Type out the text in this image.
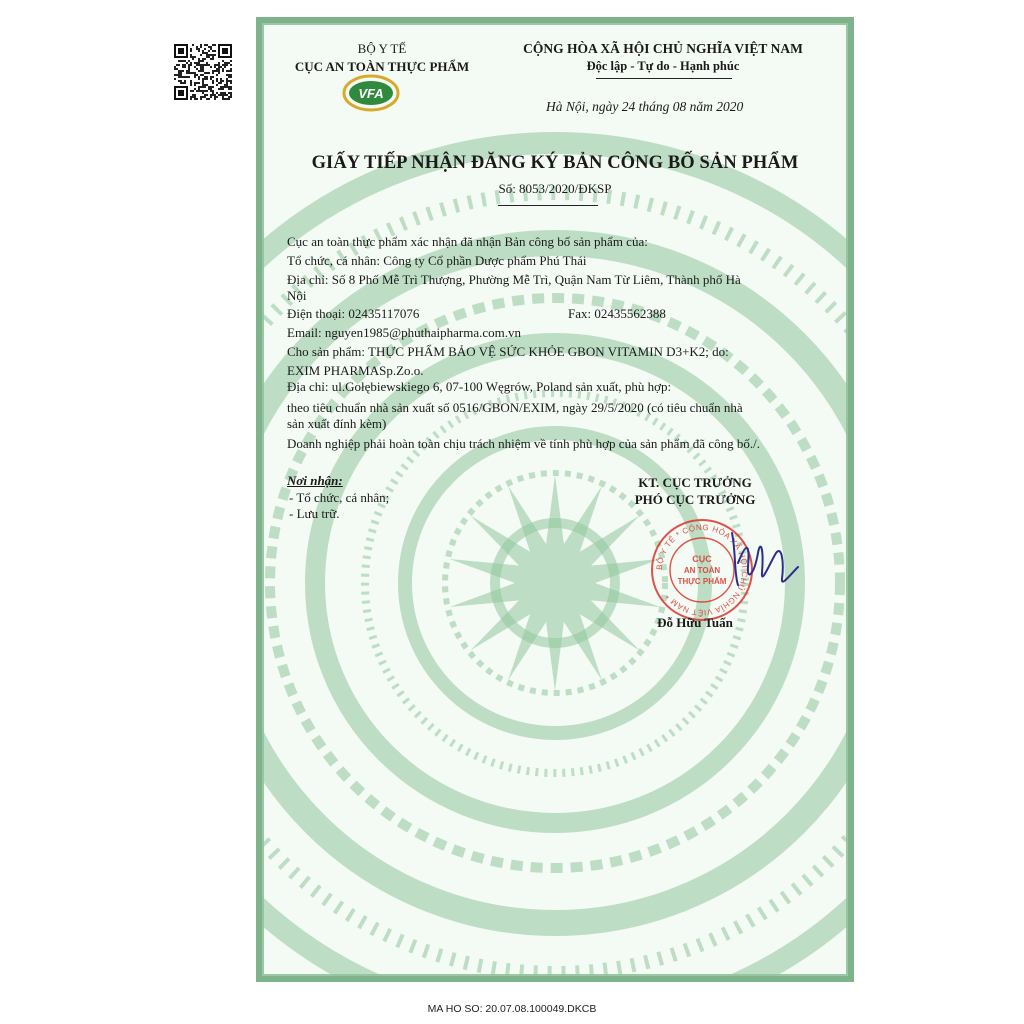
BỘ Y TẾ
CỤC AN TOÀN THỰC PHẨM
VFA
CỘNG HÒA XÃ HỘI CHỦ NGHĨA VIỆT NAM
Độc lập - Tự do - Hạnh phúc
Hà Nội, ngày 24 tháng 08 năm 2020
GIẤY TIẾP NHẬN ĐĂNG KÝ BẢN CÔNG BỐ SẢN PHẨM
Số: 8053/2020/ĐKSP
Cục an toàn thực phẩm xác nhận đã nhận Bản công bố sản phẩm của:
Tổ chức, cá nhân: Công ty Cổ phần Dược phẩm Phú Thái
Địa chỉ: Số 8 Phố Mễ Trì Thượng, Phường Mễ Trì, Quận Nam Từ Liêm, Thành phố Hà
Nội
Điện thoại: 02435117076	Fax: 02435562388
Email: nguyen1985@phuthaipharma.com.vn
Cho sản phẩm: THỰC PHẨM BẢO VỆ SỨC KHỎE GBON VITAMIN D3+K2; do:
EXIM PHARMASp.Zo.o.
Địa chỉ: ul.Gołębiewskiego 6, 07-100 Węgrów, Poland sản xuất, phù hợp:
theo tiêu chuẩn nhà sản xuất số 0516/GBON/EXIM, ngày 29/5/2020 (có tiêu chuẩn nhà
sản xuất đính kèm)
Doanh nghiệp phải hoàn toàn chịu trách nhiệm về tính phù hợp của sản phẩm đã công bố./.
Nơi nhận:
- Tổ chức, cá nhân;
- Lưu trữ.
KT. CỤC TRƯỞNG
PHÓ CỤC TRƯỞNG
BỘ Y TẾ * CỘNG HÒA XÃ HỘI CHỦ NGHĨA VIỆT NAM *
CỤC
AN TOÀN
THỰC PHẨM
Đỗ Hữu Tuấn
MA HO SO: 20.07.08.100049.DKCB
